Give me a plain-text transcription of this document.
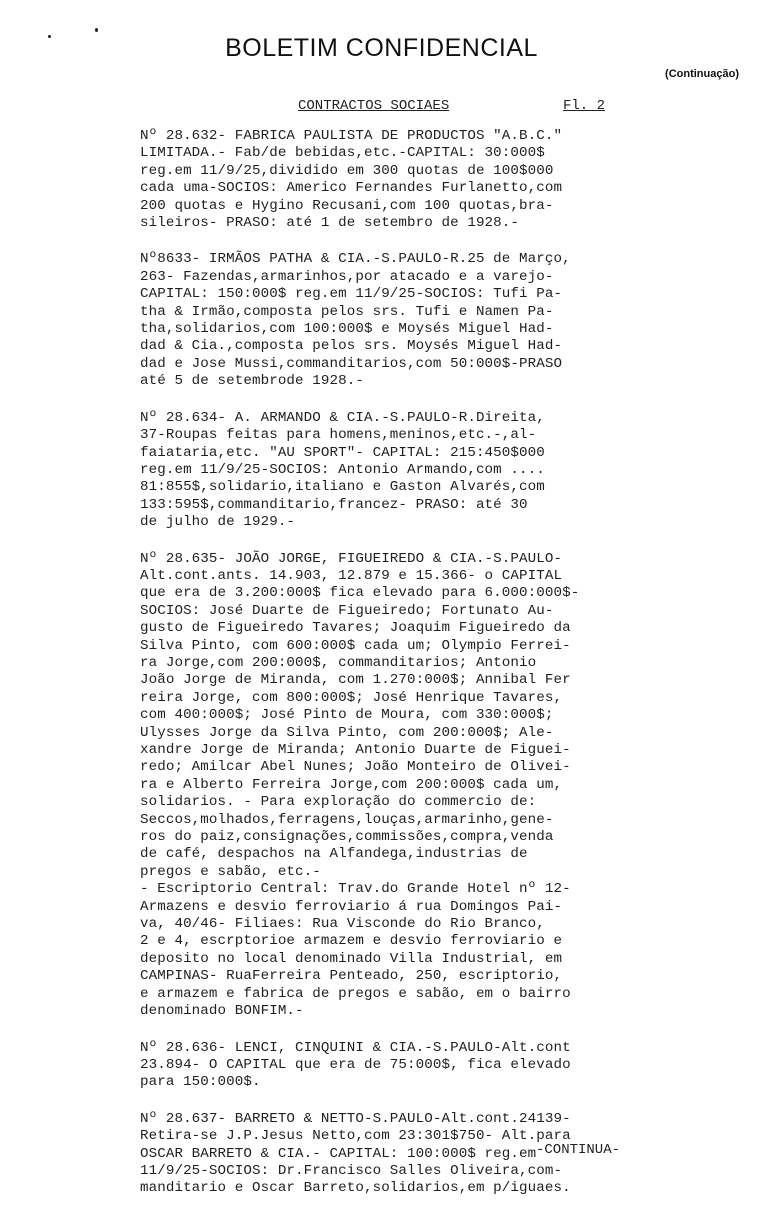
BOLETIM CONFIDENCIAL
(Continuação)
CONTRACTOS SOCIAES	Fl. 2
Nº 28.632- FABRICA PAULISTA DE PRODUCTOS "A.B.C."
LIMITADA.- Fab/de bebidas,etc.-CAPITAL: 30:000$
reg.em 11/9/25,dividido em 300 quotas de 100$000
cada uma-SOCIOS: Americo Fernandes Furlanetto,com
200 quotas e Hygino Recusani,com 100 quotas,bra-
sileiros- PRASO: até 1 de setembro de 1928.-
Nº8633- IRMÃOS PATHA & CIA.-S.PAULO-R.25 de Março,
263- Fazendas,armarinhos,por atacado e a varejo-
CAPITAL: 150:000$ reg.em 11/9/25-SOCIOS: Tufi Pa-
tha & Irmão,composta pelos srs. Tufi e Namen Pa-
tha,solidarios,com 100:000$ e Moysés Miguel Had-
dad & Cia.,composta pelos srs. Moysés Miguel Had-
dad e Jose Mussi,commanditarios,com 50:000$-PRASO
até 5 de setembrode 1928.-
Nº 28.634- A. ARMANDO & CIA.-S.PAULO-R.Direita,
37-Roupas feitas para homens,meninos,etc.-,al-
faiataria,etc. "AU SPORT"- CAPITAL: 215:450$000
reg.em 11/9/25-SOCIOS: Antonio Armando,com ....
81:855$,solidario,italiano e Gaston Alvarés,com
133:595$,commanditario,francez- PRASO: até 30
de julho de 1929.-
Nº 28.635- JOÃO JORGE, FIGUEIREDO & CIA.-S.PAULO-
Alt.cont.ants. 14.903, 12.879 e 15.366- o CAPITAL
que era de 3.200:000$ fica elevado para 6.000:000$-
SOCIOS: José Duarte de Figueiredo; Fortunato Au-
gusto de Figueiredo Tavares; Joaquim Figueiredo da
Silva Pinto, com 600:000$ cada um; Olympio Ferrei-
ra Jorge,com 200:000$, commanditarios; Antonio
João Jorge de Miranda, com 1.270:000$; Annibal Fer
reira Jorge, com 800:000$; José Henrique Tavares,
com 400:000$; José Pinto de Moura, com 330:000$;
Ulysses Jorge da Silva Pinto, com 200:000$; Ale-
xandre Jorge de Miranda; Antonio Duarte de Figuei-
redo; Amilcar Abel Nunes; João Monteiro de Olivei-
ra e Alberto Ferreira Jorge,com 200:000$ cada um,
solidarios. - Para exploração do commercio de:
Seccos,molhados,ferragens,louças,armarinho,gene-
ros do paiz,consignações,commissões,compra,venda
de café, despachos na Alfandega,industrias de
pregos e sabão, etc.-
- Escriptorio Central: Trav.do Grande Hotel nº 12-
Armazens e desvio ferroviario á rua Domingos Pai-
va, 40/46- Filiaes: Rua Visconde do Rio Branco,
2 e 4, escrptorioe armazem e desvio ferroviario e
deposito no local denominado Villa Industrial, em
CAMPINAS- RuaFerreira Penteado, 250, escriptorio,
e armazem e fabrica de pregos e sabão, em o bairro
denominado BONFIM.-
Nº 28.636- LENCI, CINQUINI & CIA.-S.PAULO-Alt.cont
23.894- O CAPITAL que era de 75:000$, fica elevado
para 150:000$.
Nº 28.637- BARRETO & NETTO-S.PAULO-Alt.cont.24139-
Retira-se J.P.Jesus Netto,com 23:301$750- Alt.para
OSCAR BARRETO & CIA.- CAPITAL: 100:000$ reg.em
11/9/25-SOCIOS: Dr.Francisco Salles Oliveira,com-
manditario e Oscar Barreto,solidarios,em p/iguaes.
-CONTINUA-
